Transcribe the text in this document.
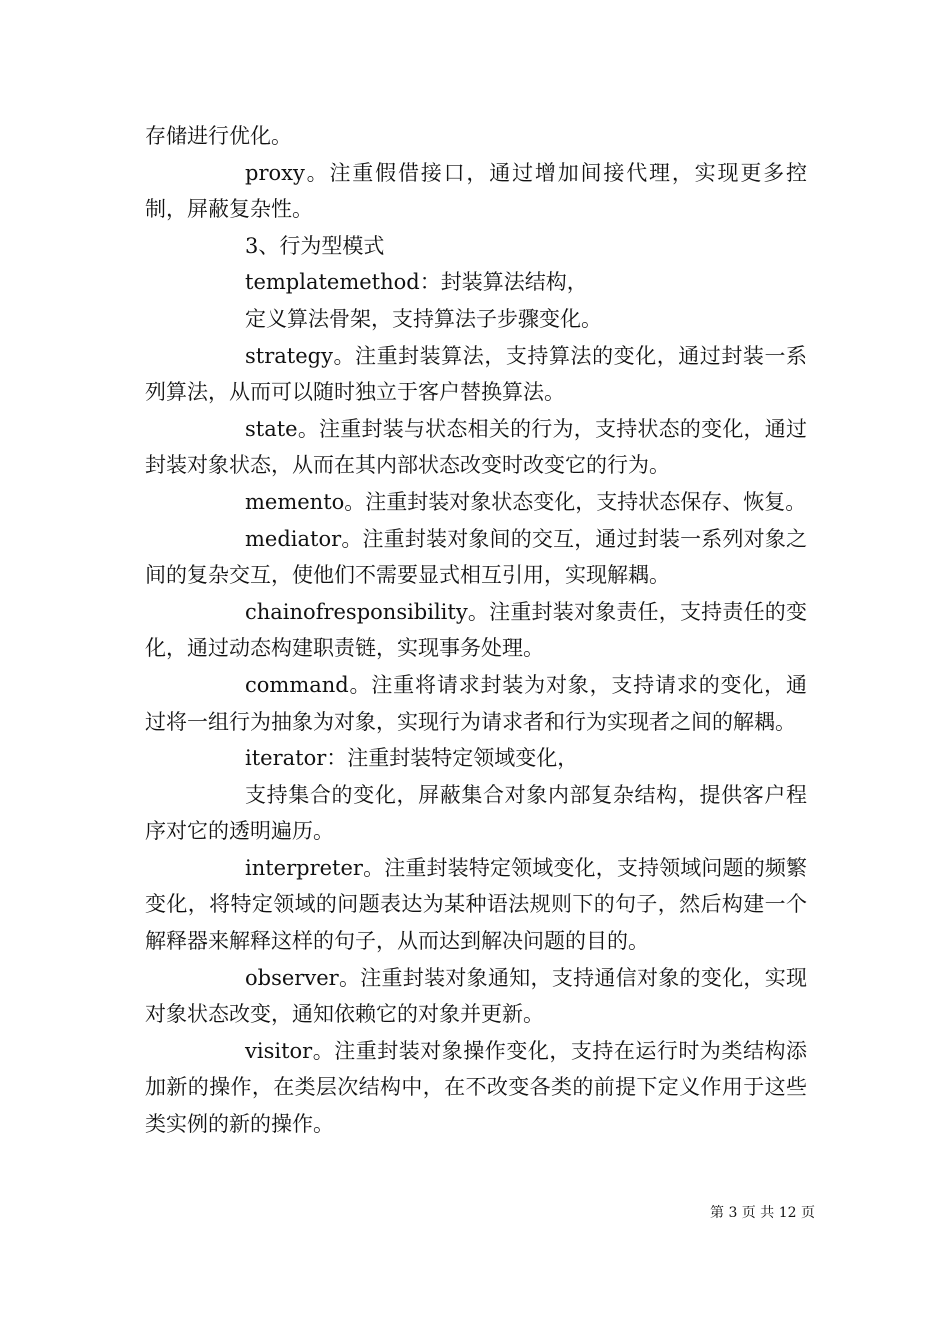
存储进行优化。

proxy。注重假借接口，通过增加间接代理，实现更多控制，屏蔽复杂性。

3、行为型模式

templatemethod：封装算法结构，

定义算法骨架，支持算法子步骤变化。

strategy。注重封装算法，支持算法的变化，通过封装一系列算法，从而可以随时独立于客户替换算法。

state。注重封装与状态相关的行为，支持状态的变化，通过封装对象状态，从而在其内部状态改变时改变它的行为。

memento。注重封装对象状态变化，支持状态保存、恢复。

mediator。注重封装对象间的交互，通过封装一系列对象之间的复杂交互，使他们不需要显式相互引用，实现解耦。

chainofresponsibility。注重封装对象责任，支持责任的变化，通过动态构建职责链，实现事务处理。

command。注重将请求封装为对象，支持请求的变化，通过将一组行为抽象为对象，实现行为请求者和行为实现者之间的解耦。

iterator：注重封装特定领域变化，

支持集合的变化，屏蔽集合对象内部复杂结构，提供客户程序对它的透明遍历。

interpreter。注重封装特定领域变化，支持领域问题的频繁变化，将特定领域的问题表达为某种语法规则下的句子，然后构建一个解释器来解释这样的句子，从而达到解决问题的目的。

observer。注重封装对象通知，支持通信对象的变化，实现对象状态改变，通知依赖它的对象并更新。

visitor。注重封装对象操作变化，支持在运行时为类结构添加新的操作，在类层次结构中，在不改变各类的前提下定义作用于这些类实例的新的操作。

第 3 页 共 12 页
